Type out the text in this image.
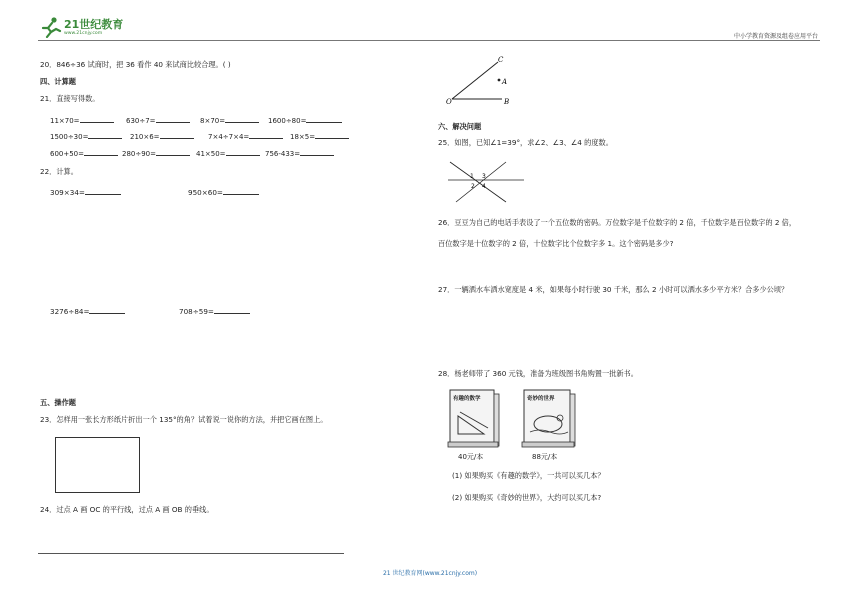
21世纪教育
www.21cnjy.com	中小学教育资源及组卷应用平台
20．846÷36 试商时，把 36 看作 40 来试商比较合理。( )
四、计算题
21．直接写得数。
11×70=	630÷7=	8×70=	1600÷80=
1500÷30=	210×6=	7×4÷7×4=	18×5=
600+50=	280÷90=	41×50=	756-433=
22．计算。
309×34=	950×60=
3276÷84=	708÷59=
五、操作题
23．怎样用一张长方形纸片折出一个 135°的角？试着说一说你的方法，并把它画在图上。
24．过点 A 画 OC 的平行线，过点 A 画 OB 的垂线。
C
A
O	B
六、解决问题
25．如图，已知∠1=39°，求∠2、∠3、∠4 的度数。
1 3
2 4
26．豆豆为自己的电话手表设了一个五位数的密码。万位数字是千位数字的 2 倍，千位数字是百位数字的 2 倍，
百位数字是十位数字的 2 倍，十位数字比个位数字多 1。这个密码是多少?
27．一辆洒水车洒水宽度是 4 米，如果每小时行驶 30 千米，那么 2 小时可以洒水多少平方米？合多少公顷？
28．杨老师带了 360 元钱，准备为班级图书角购置一批新书。
有趣的数学
40元/本
奇妙的世界
88元/本
(1) 如果购买《有趣的数学》，一共可以买几本？
(2) 如果购买《奇妙的世界》，大约可以买几本?
21 世纪教育网(www.21cnjy.com)
